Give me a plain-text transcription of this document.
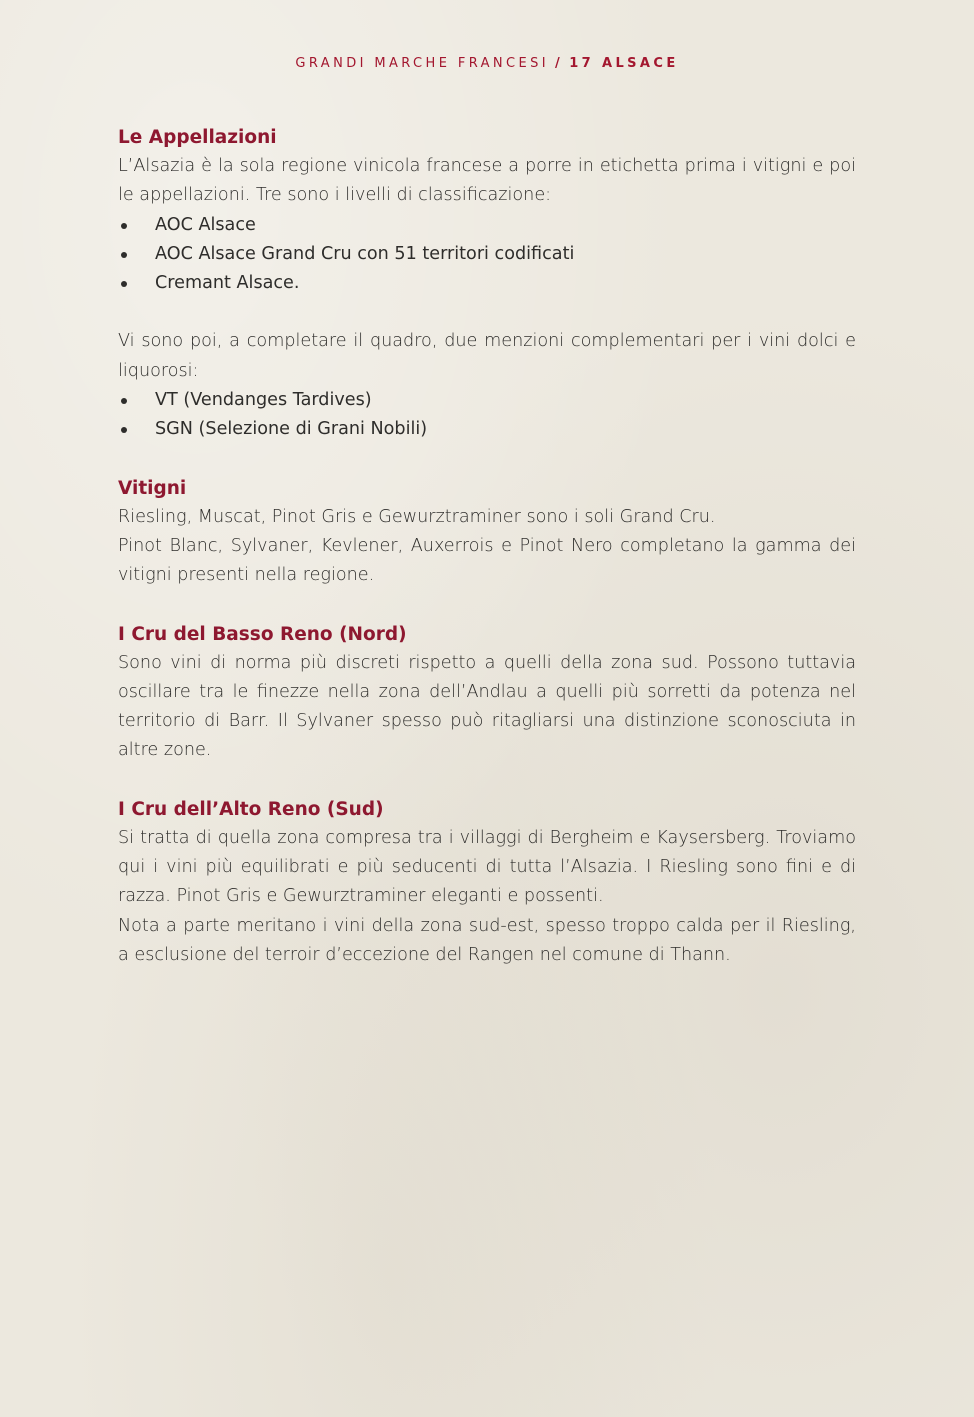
GRANDI MARCHE FRANCESI / 17 ALSACE
Le Appellazioni

L’Alsazia è la sola regione vinicola francese a porre in etichetta prima i vitigni e poi le appellazioni. Tre sono i livelli di classificazione:

AOC Alsace
AOC Alsace Grand Cru con 51 territori codificati
Cremant Alsace.

Vi sono poi, a completare il quadro, due menzioni complementari per i vini dolci e liquorosi:

VT (Vendanges Tardives)
SGN (Selezione di Grani Nobili)
Vitigni

Riesling, Muscat, Pinot Gris e Gewurztraminer sono i soli Grand Cru.

Pinot Blanc, Sylvaner, Kevlener, Auxerrois e Pinot Nero completano la gamma dei vitigni presenti nella regione.

I Cru del Basso Reno (Nord)

Sono vini di norma più discreti rispetto a quelli della zona sud. Possono tuttavia oscillare tra le finezze nella zona dell’Andlau a quelli più sorretti da potenza nel territorio di Barr. Il Sylvaner spesso può ritagliarsi una distinzione sconosciuta in altre zone.

I Cru dell’Alto Reno (Sud)

Si tratta di quella zona compresa tra i villaggi di Bergheim e Kaysersberg. Troviamo qui i vini più equilibrati e più seducenti di tutta l’Alsazia. I Riesling sono fini e di razza. Pinot Gris e Gewurztraminer eleganti e possenti.

Nota a parte meritano i vini della zona sud-est, spesso troppo calda per il Riesling, a esclusione del terroir d’eccezione del Rangen nel comune di Thann.
